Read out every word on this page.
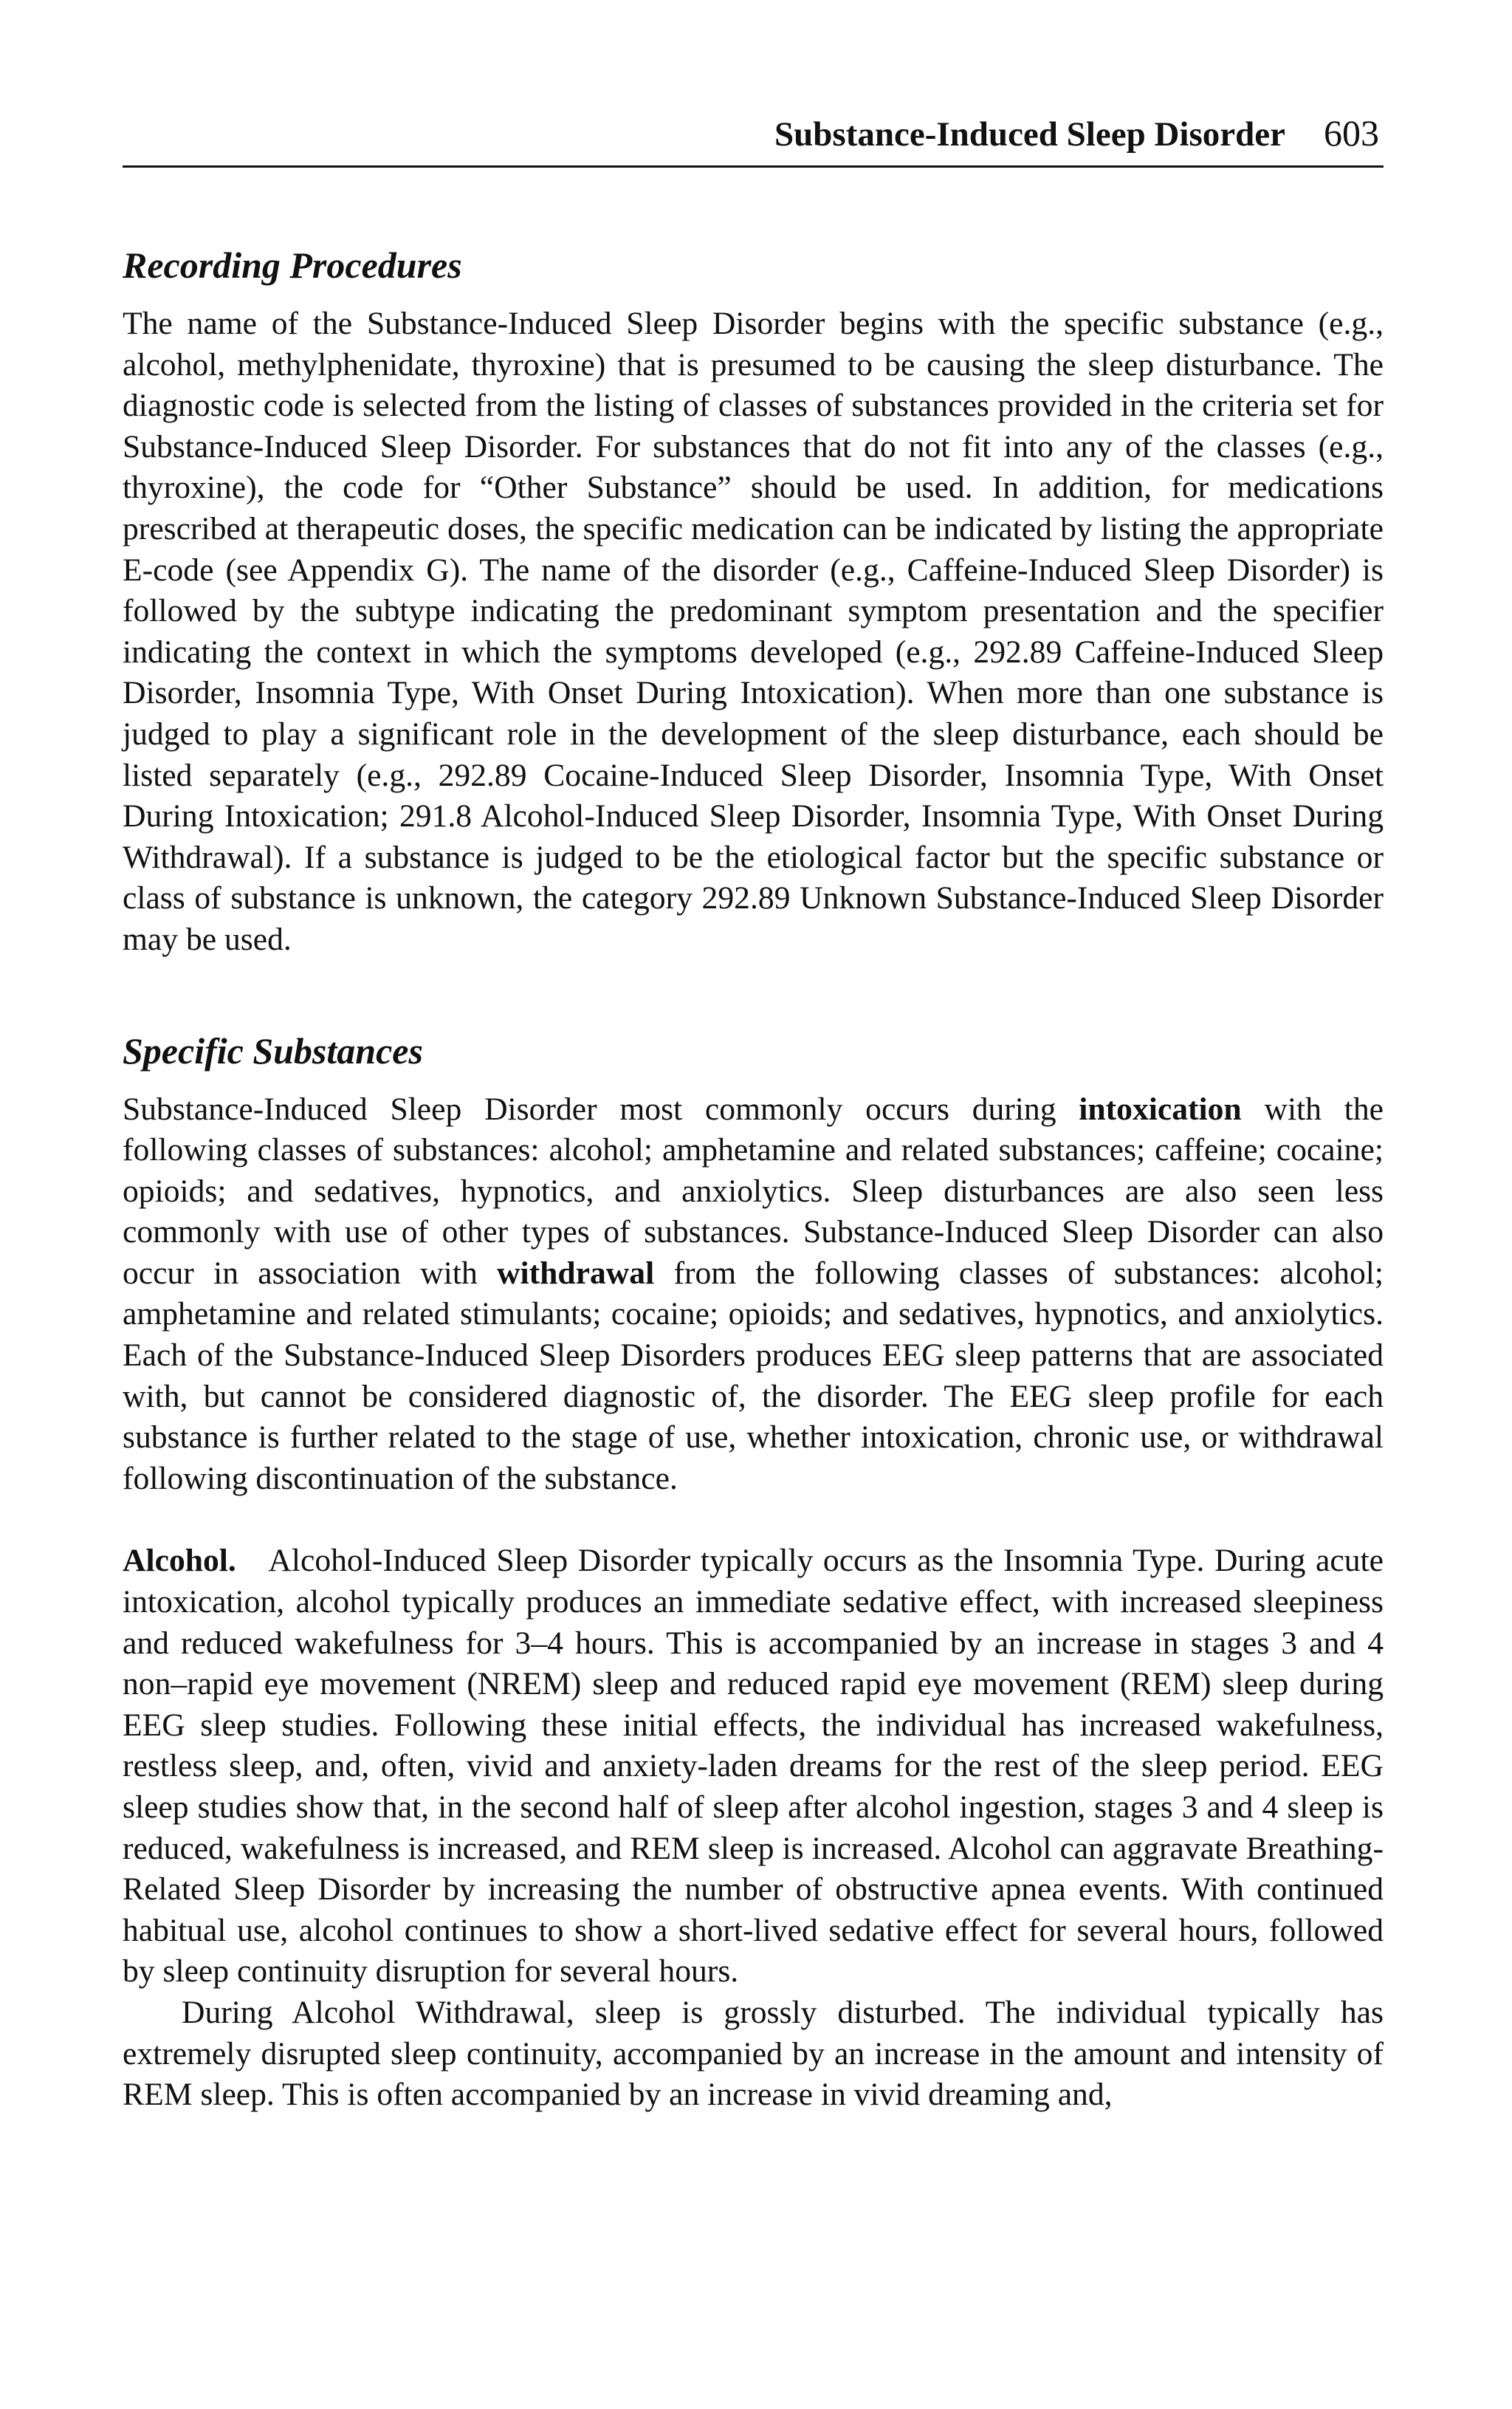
Substance-Induced Sleep Disorder 603
Recording Procedures

The name of the Substance-Induced Sleep Disorder begins with the specific substance (e.g., alcohol, methylphenidate, thyroxine) that is presumed to be causing the sleep disturbance. The diagnostic code is selected from the listing of classes of substances provided in the criteria set for Substance-Induced Sleep Disorder. For substances that do not fit into any of the classes (e.g., thyroxine), the code for “Other Substance” should be used. In addition, for medications prescribed at therapeutic doses, the specific medication can be indicated by listing the appropriate E-code (see Appendix G). The name of the disorder (e.g., Caffeine-Induced Sleep Disorder) is followed by the subtype indicating the predominant symptom presentation and the specifier indicating the context in which the symptoms developed (e.g., 292.89 Caffeine-Induced Sleep Disorder, Insomnia Type, With Onset During Intoxication). When more than one substance is judged to play a significant role in the development of the sleep disturbance, each should be listed separately (e.g., 292.89 Cocaine-Induced Sleep Disorder, Insomnia Type, With Onset During Intoxication; 291.8 Alcohol-Induced Sleep Disorder, Insomnia Type, With Onset During Withdrawal). If a substance is judged to be the etiological factor but the specific substance or class of substance is unknown, the category 292.89 Unknown Substance-Induced Sleep Disorder may be used.

Specific Substances

Substance-Induced Sleep Disorder most commonly occurs during intoxication with the following classes of substances: alcohol; amphetamine and related substances; caffeine; cocaine; opioids; and sedatives, hypnotics, and anxiolytics. Sleep disturbances are also seen less commonly with use of other types of substances. Substance-Induced Sleep Disorder can also occur in association with withdrawal from the following classes of substances: alcohol; amphetamine and related stimulants; cocaine; opioids; and sedatives, hypnotics, and anxiolytics. Each of the Substance-Induced Sleep Disorders produces EEG sleep patterns that are associated with, but cannot be considered diagnostic of, the disorder. The EEG sleep profile for each substance is further related to the stage of use, whether intoxication, chronic use, or withdrawal following discontinuation of the substance.

Alcohol.  Alcohol-Induced Sleep Disorder typically occurs as the Insomnia Type. During acute intoxication, alcohol typically produces an immediate sedative effect, with increased sleepiness and reduced wakefulness for 3–4 hours. This is accompanied by an increase in stages 3 and 4 non–rapid eye movement (NREM) sleep and reduced rapid eye movement (REM) sleep during EEG sleep studies. Following these initial effects, the individual has increased wakefulness, restless sleep, and, often, vivid and anxiety-laden dreams for the rest of the sleep period. EEG sleep studies show that, in the second half of sleep after alcohol ingestion, stages 3 and 4 sleep is reduced, wakefulness is increased, and REM sleep is increased. Alcohol can aggravate Breathing-Related Sleep Disorder by increasing the number of obstructive apnea events. With continued habitual use, alcohol continues to show a short-lived sedative effect for several hours, followed by sleep continuity disruption for several hours.

During Alcohol Withdrawal, sleep is grossly disturbed. The individual typically has extremely disrupted sleep continuity, accompanied by an increase in the amount and intensity of REM sleep. This is often accompanied by an increase in vivid dreaming and,
